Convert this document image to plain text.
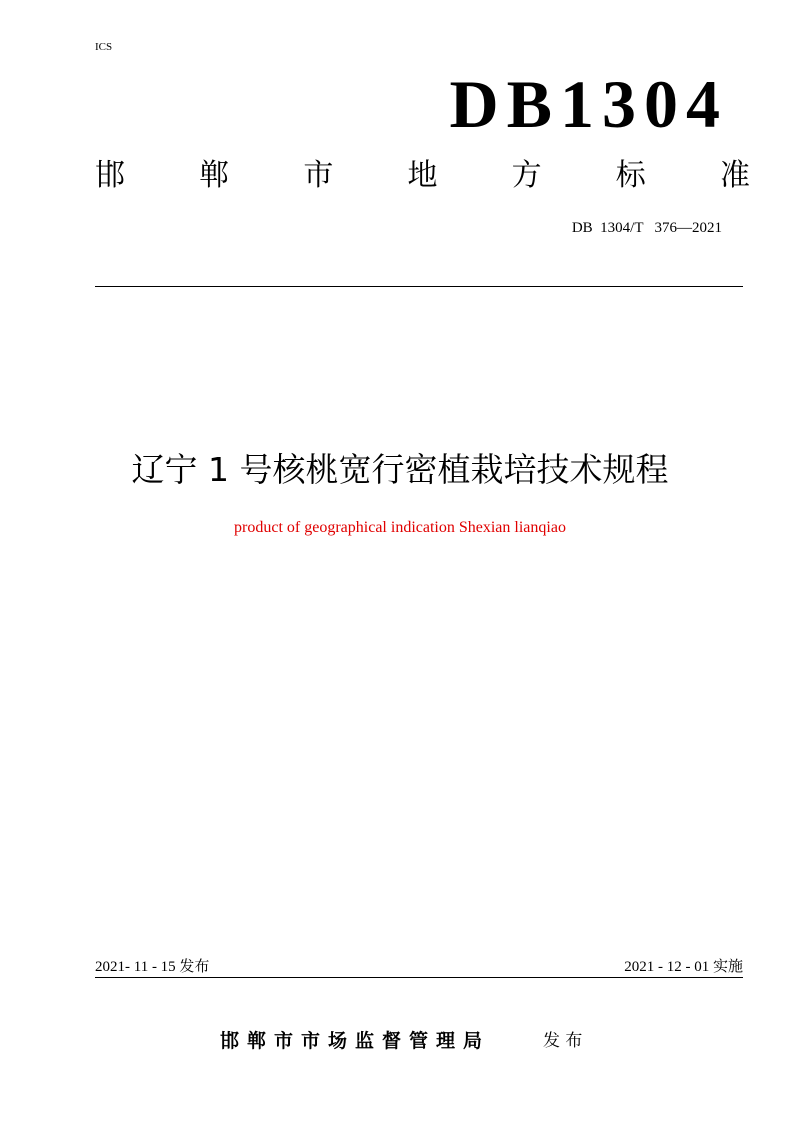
ICS
DB1304
邯 郸 市 地 方 标 准
DB  1304/T   376—2021
辽宁 1 号核桃宽行密植栽培技术规程
product of geographical indication Shexian lianqiao
2021- 11 - 15 发布	2021 - 12 - 01 实施
邯郸市市场监督管理局	发 布
